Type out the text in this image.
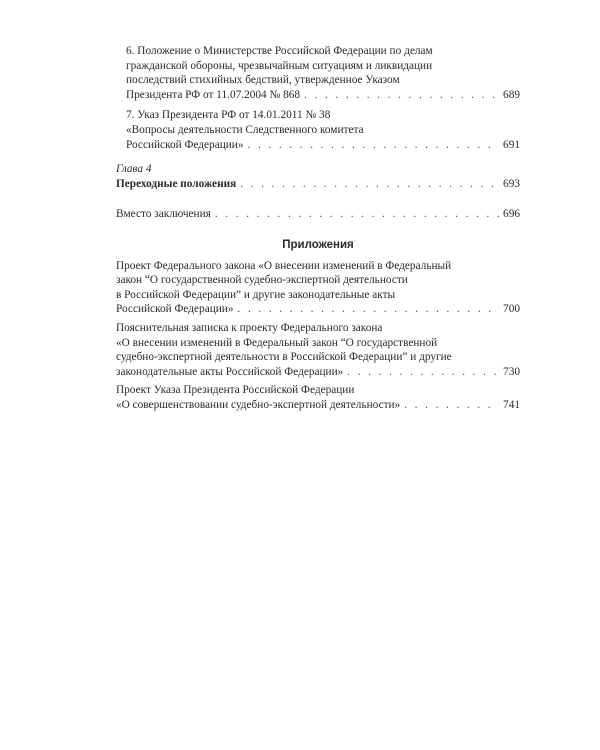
6. Положение о Министерстве Российской Федерации по делам
гражданской обороны, чрезвычайным ситуациям и ликвидации
последствий стихийных бедствий, утвержденное Указом
Президента РФ от 11.07.2004 № 868 . . .	689
7. Указ Президента РФ от 14.01.2011 № 38
«Вопросы деятельности Следственного комитета
Российской Федерации» . . .	691
Глава 4
Переходные положения . . .	693
Вместо заключения . . .	696
Приложения
Проект Федерального закона «О внесении изменений в Федеральный
закон “О государственной судебно-экспертной деятельности
в Российской Федерации” и другие законодательные акты
Российской Федерации» . . .	700
Пояснительная записка к проекту Федерального закона
«О внесении изменений в Федеральный закон “О государственной
судебно-экспертной деятельности в Российской Федерации” и другие
законодательные акты Российской Федерации» . . .	730
Проект Указа Президента Российской Федерации
«О совершенствовании судебно-экспертной деятельности» . . .	741
